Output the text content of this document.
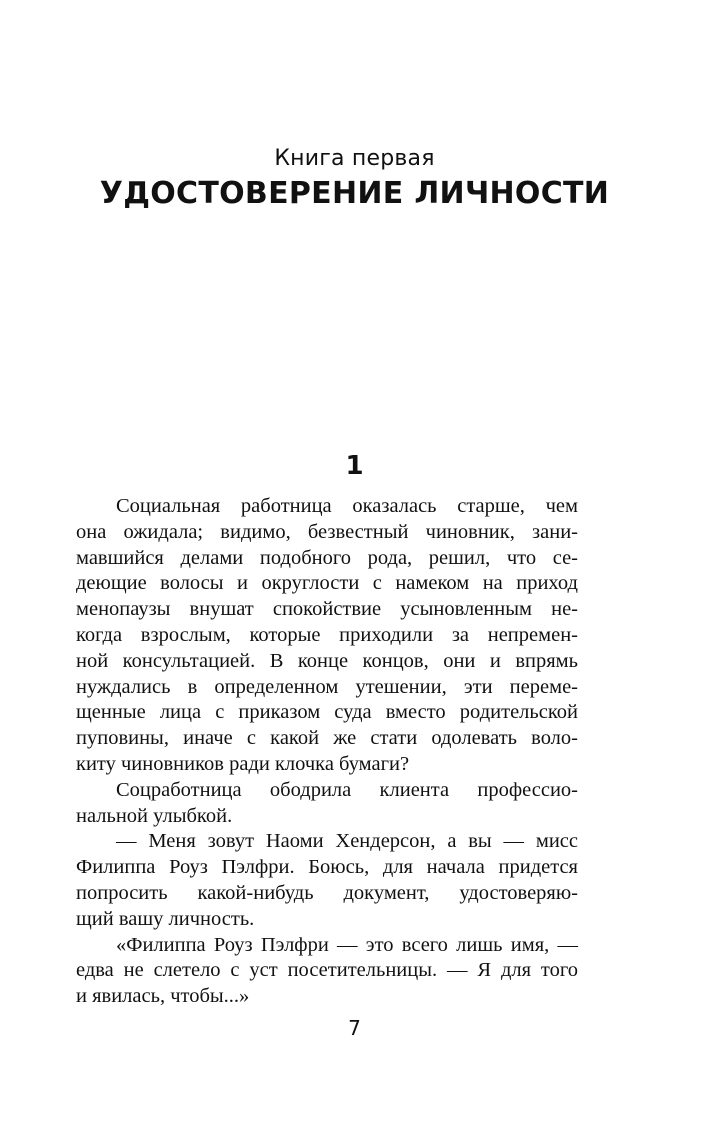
Книга первая
УДОСТОВЕРЕНИЕ ЛИЧНОСТИ
1
Социальная работница оказалась старше, чем
она ожидала; видимо, безвестный чиновник, зани-
мавшийся делами подобного рода, решил, что се-
деющие волосы и округлости с намеком на приход
менопаузы внушат спокойствие усыновленным не-
когда взрослым, которые приходили за непремен-
ной консультацией. В конце концов, они и впрямь
нуждались в определенном утешении, эти переме-
щенные лица с приказом суда вместо родительской
пуповины, иначе с какой же стати одолевать воло-
киту чиновников ради клочка бумаги?
Соцработница ободрила клиента профессио-
нальной улыбкой.
— Меня зовут Наоми Хендерсон, а вы — мисс
Филиппа Роуз Пэлфри. Боюсь, для начала придется
попросить какой-нибудь документ, удостоверяю-
щий вашу личность.
«Филиппа Роуз Пэлфри — это всего лишь имя, —
едва не слетело с уст посетительницы. — Я для того
и явилась, чтобы...»
7
